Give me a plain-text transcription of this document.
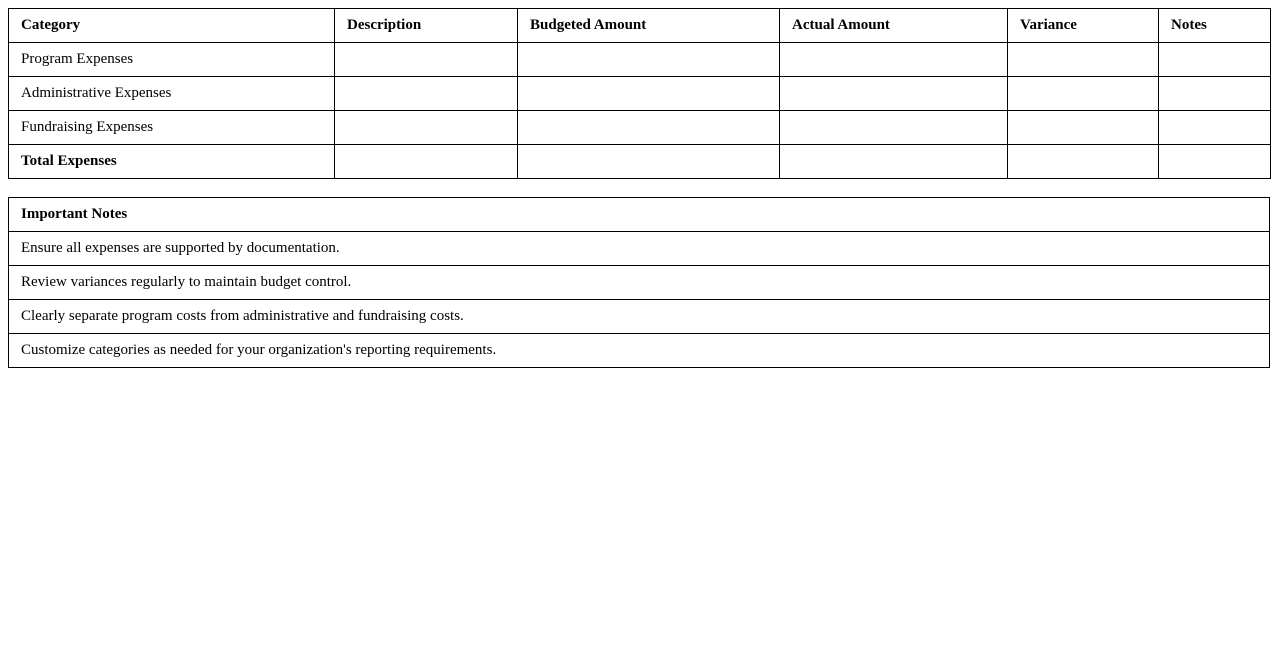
Category	Description	Budgeted Amount	Actual Amount	Variance	Notes
Program Expenses					
Administrative Expenses					
Fundraising Expenses					
Total Expenses					
Important Notes
Ensure all expenses are supported by documentation.
Review variances regularly to maintain budget control.
Clearly separate program costs from administrative and fundraising costs.
Customize categories as needed for your organization's reporting requirements.
